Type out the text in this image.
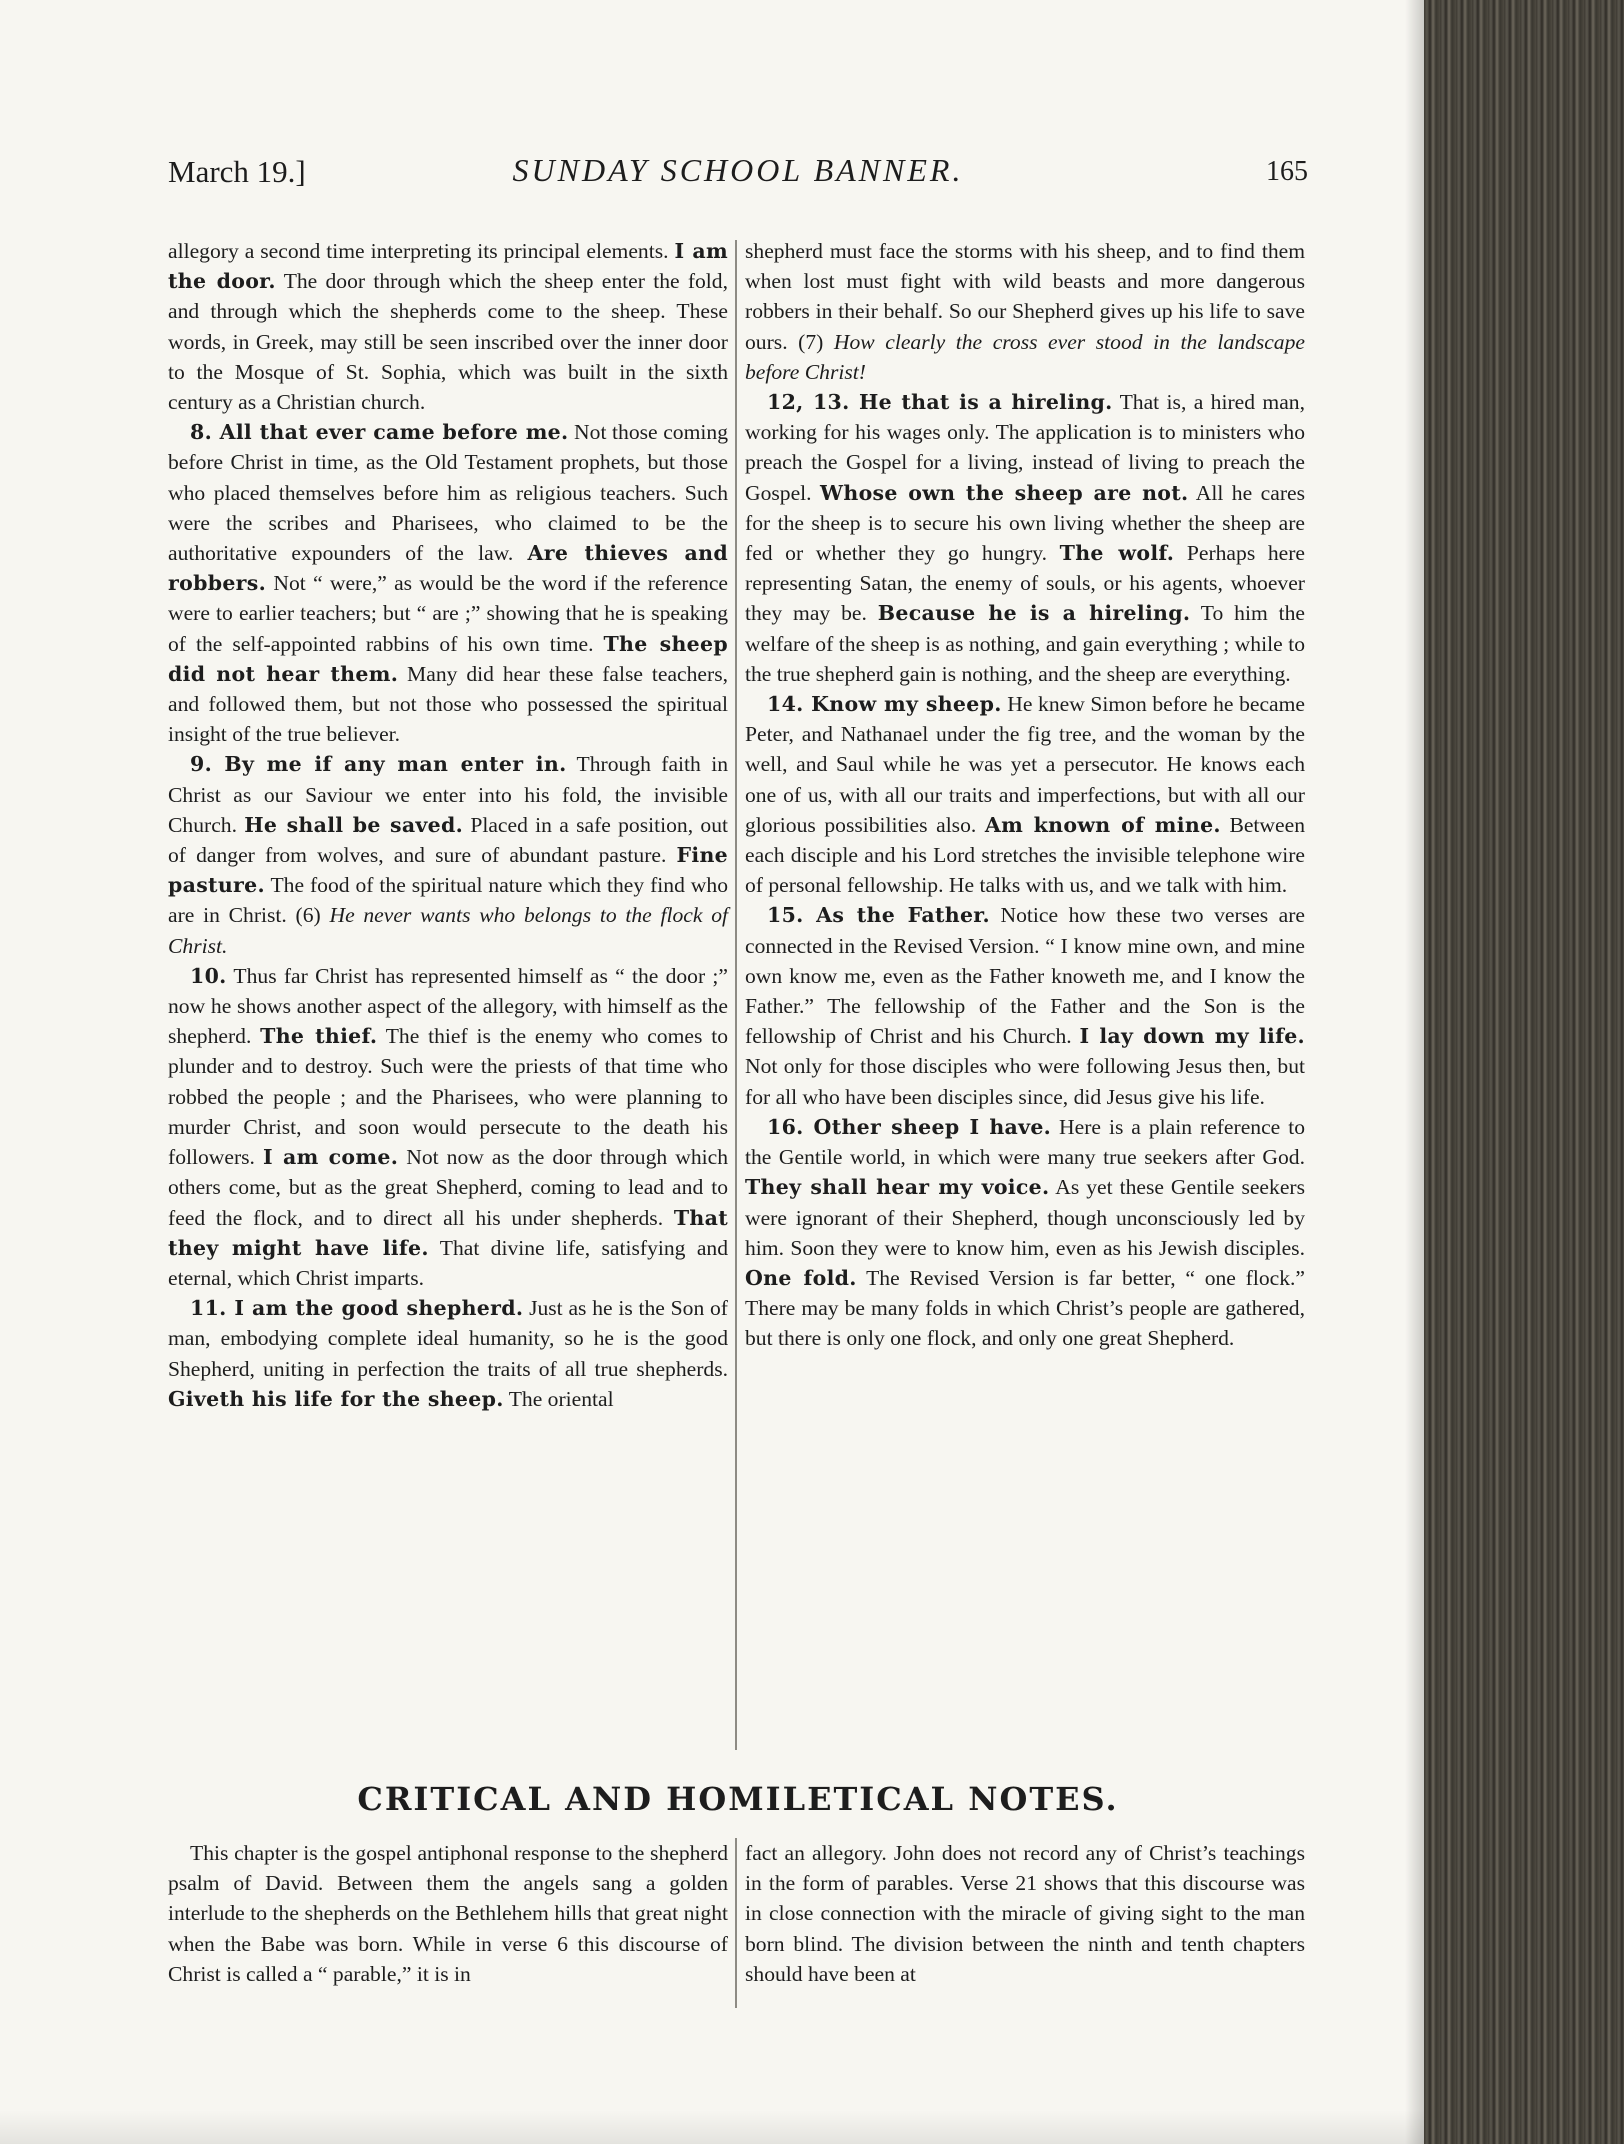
March 19.]	SUNDAY SCHOOL BANNER.	165

allegory a second time interpreting its principal elements. I am the door. The door through which the sheep enter the fold, and through which the shepherds come to the sheep. These words, in Greek, may still be seen inscribed over the inner door to the Mosque of St. Sophia, which was built in the sixth century as a Christian church.

8. All that ever came before me. Not those coming before Christ in time, as the Old Testament prophets, but those who placed themselves before him as religious teachers. Such were the scribes and Pharisees, who claimed to be the authoritative expounders of the law. Are thieves and robbers. Not “ were,” as would be the word if the reference were to earlier teachers; but “ are ;” showing that he is speaking of the self-appointed rabbins of his own time. The sheep did not hear them. Many did hear these false teachers, and followed them, but not those who possessed the spiritual insight of the true believer.

9. By me if any man enter in. Through faith in Christ as our Saviour we enter into his fold, the invisible Church. He shall be saved. Placed in a safe position, out of danger from wolves, and sure of abundant pasture. Fine pasture. The food of the spiritual nature which they find who are in Christ. (6) He never wants who belongs to the flock of Christ.

10. Thus far Christ has represented himself as “ the door ;” now he shows another aspect of the allegory, with himself as the shepherd. The thief. The thief is the enemy who comes to plunder and to destroy. Such were the priests of that time who robbed the people ; and the Pharisees, who were planning to murder Christ, and soon would persecute to the death his followers. I am come. Not now as the door through which others come, but as the great Shepherd, coming to lead and to feed the flock, and to direct all his under shepherds. That they might have life. That divine life, satisfying and eternal, which Christ imparts.

11. I am the good shepherd. Just as he is the Son of man, embodying complete ideal humanity, so he is the good Shepherd, uniting in perfection the traits of all true shepherds. Giveth his life for the sheep. The oriental

shepherd must face the storms with his sheep, and to find them when lost must fight with wild beasts and more dangerous robbers in their behalf. So our Shepherd gives up his life to save ours. (7) How clearly the cross ever stood in the landscape before Christ!

12, 13. He that is a hireling. That is, a hired man, working for his wages only. The application is to ministers who preach the Gospel for a living, instead of living to preach the Gospel. Whose own the sheep are not. All he cares for the sheep is to secure his own living whether the sheep are fed or whether they go hungry. The wolf. Perhaps here representing Satan, the enemy of souls, or his agents, whoever they may be. Because he is a hireling. To him the welfare of the sheep is as nothing, and gain everything ; while to the true shepherd gain is nothing, and the sheep are everything.

14. Know my sheep. He knew Simon before he became Peter, and Nathanael under the fig tree, and the woman by the well, and Saul while he was yet a persecutor. He knows each one of us, with all our traits and imperfections, but with all our glorious possibilities also. Am known of mine. Between each disciple and his Lord stretches the invisible telephone wire of personal fellowship. He talks with us, and we talk with him.

15. As the Father. Notice how these two verses are connected in the Revised Version. “ I know mine own, and mine own know me, even as the Father knoweth me, and I know the Father.” The fellowship of the Father and the Son is the fellowship of Christ and his Church. I lay down my life. Not only for those disciples who were following Jesus then, but for all who have been disciples since, did Jesus give his life.

16. Other sheep I have. Here is a plain reference to the Gentile world, in which were many true seekers after God. They shall hear my voice. As yet these Gentile seekers were ignorant of their Shepherd, though unconsciously led by him. Soon they were to know him, even as his Jewish disciples. One fold. The Revised Version is far better, “ one flock.” There may be many folds in which Christ’s people are gathered, but there is only one flock, and only one great Shepherd.

CRITICAL AND HOMILETICAL NOTES.

This chapter is the gospel antiphonal response to the shepherd psalm of David. Between them the angels sang a golden interlude to the shepherds on the Bethlehem hills that great night when the Babe was born. While in verse 6 this discourse of Christ is called a “ parable,” it is in

fact an allegory. John does not record any of Christ’s teachings in the form of parables. Verse 21 shows that this discourse was in close connection with the miracle of giving sight to the man born blind. The division between the ninth and tenth chapters should have been at
